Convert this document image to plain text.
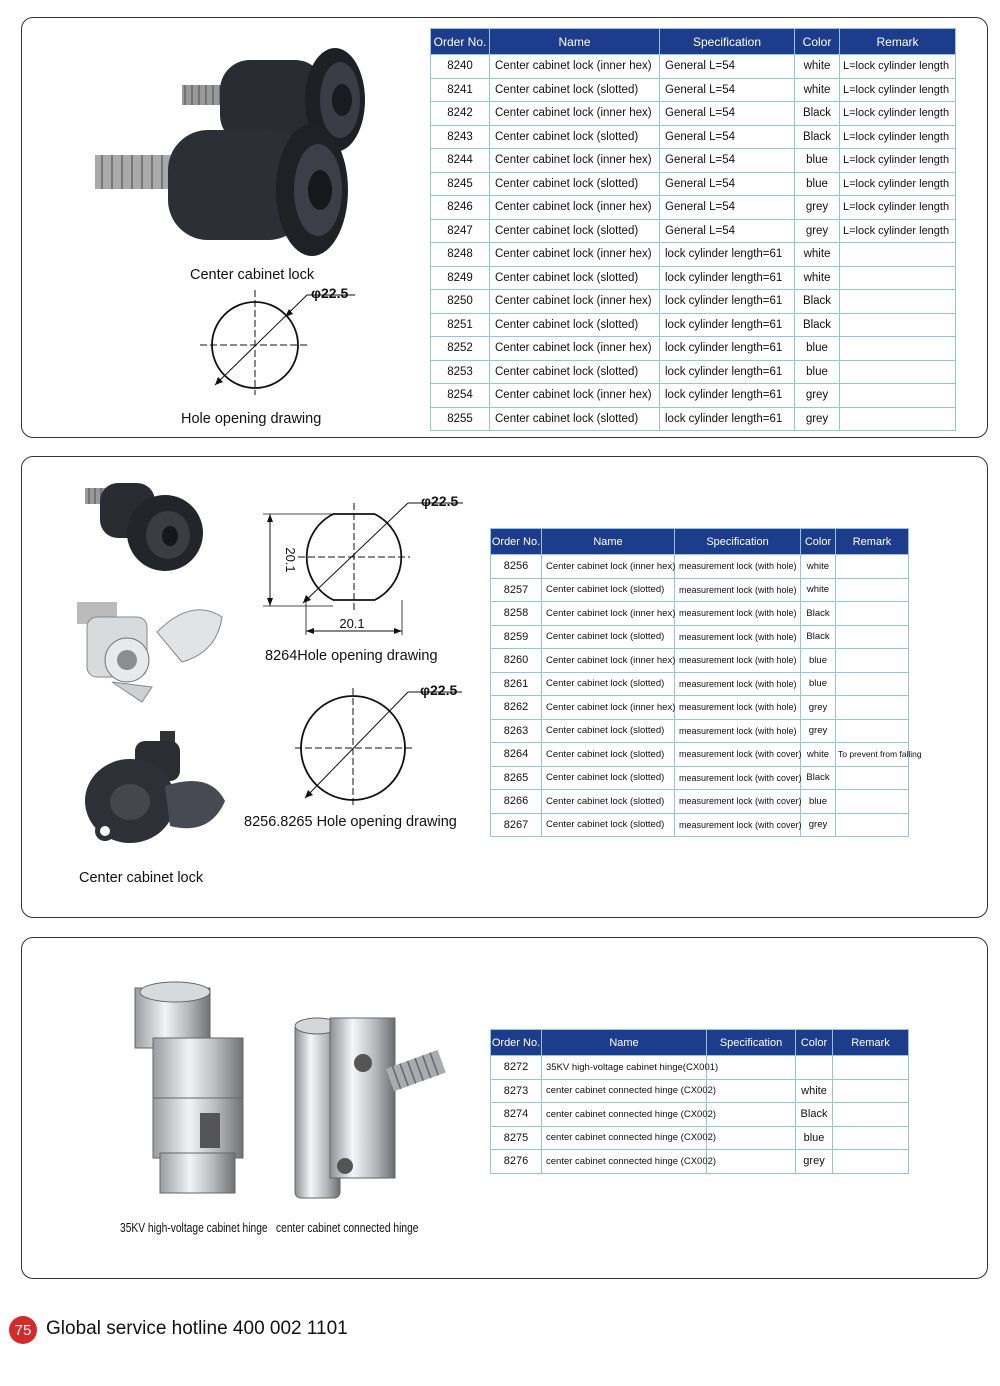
Center cabinet lock
φ22.5
Hole opening drawing
Order No.	Name	Specification	Color	Remark
8240	Center cabinet lock (inner hex)	General L=54	white	L=lock cylinder length
8241	Center cabinet lock (slotted)	General L=54	white	L=lock cylinder length
8242	Center cabinet lock (inner hex)	General L=54	Black	L=lock cylinder length
8243	Center cabinet lock (slotted)	General L=54	Black	L=lock cylinder length
8244	Center cabinet lock (inner hex)	General L=54	blue	L=lock cylinder length
8245	Center cabinet lock (slotted)	General L=54	blue	L=lock cylinder length
8246	Center cabinet lock (inner hex)	General L=54	grey	L=lock cylinder length
8247	Center cabinet lock (slotted)	General L=54	grey	L=lock cylinder length
8248	Center cabinet lock (inner hex)	lock cylinder length=61	white	
8249	Center cabinet lock (slotted)	lock cylinder length=61	white	
8250	Center cabinet lock (inner hex)	lock cylinder length=61	Black	
8251	Center cabinet lock (slotted)	lock cylinder length=61	Black	
8252	Center cabinet lock (inner hex)	lock cylinder length=61	blue	
8253	Center cabinet lock (slotted)	lock cylinder length=61	blue	
8254	Center cabinet lock (inner hex)	lock cylinder length=61	grey	
8255	Center cabinet lock (slotted)	lock cylinder length=61	grey	
Center cabinet lock
φ22.5
20.1
20.1
8264Hole opening drawing
φ22.5
8256.8265 Hole opening drawing
Order No.	Name	Specification	Color	Remark
8256	Center cabinet lock (inner hex)	measurement lock (with hole)	white	
8257	Center cabinet lock (slotted)	measurement lock (with hole)	white	
8258	Center cabinet lock (inner hex)	measurement lock (with hole)	Black	
8259	Center cabinet lock (slotted)	measurement lock (with hole)	Black	
8260	Center cabinet lock (inner hex)	measurement lock (with hole)	blue	
8261	Center cabinet lock (slotted)	measurement lock (with hole)	blue	
8262	Center cabinet lock (inner hex)	measurement lock (with hole)	grey	
8263	Center cabinet lock (slotted)	measurement lock (with hole)	grey	
8264	Center cabinet lock (slotted)	measurement lock (with cover)	white	To prevent from falling
8265	Center cabinet lock (slotted)	measurement lock (with cover)	Black	
8266	Center cabinet lock (slotted)	measurement lock (with cover)	blue	
8267	Center cabinet lock (slotted)	measurement lock (with cover)	grey	
35KV high-voltage cabinet hinge center cabinet connected hinge
Order No.	Name	Specification	Color	Remark
8272	35KV high-voltage cabinet hinge(CX001)			
8273	center cabinet connected hinge (CX002)		white	
8274	center cabinet connected hinge (CX002)		Black	
8275	center cabinet connected hinge (CX002)		blue	
8276	center cabinet connected hinge (CX002)		grey	
75 Global service hotline 400 002 1101
